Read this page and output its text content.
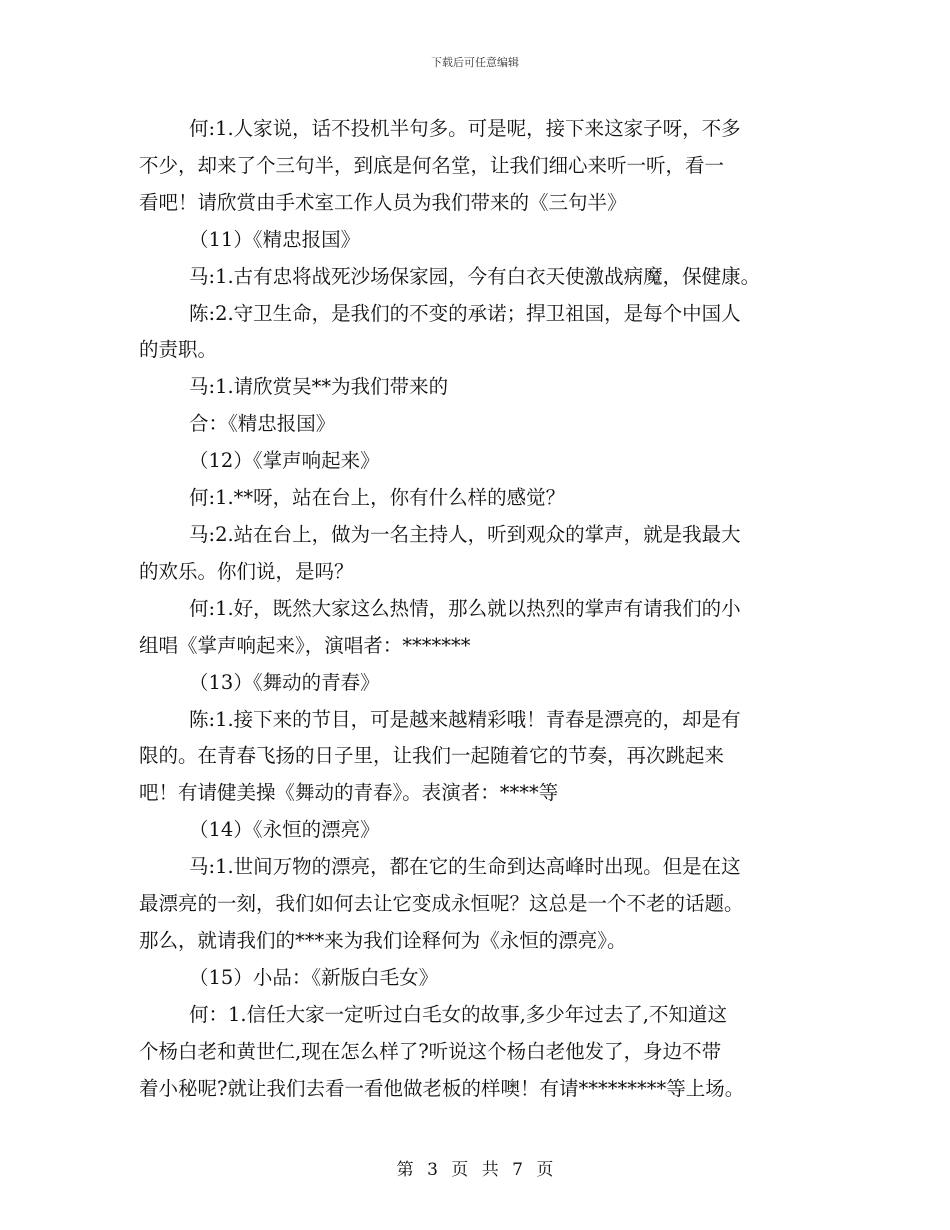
下载后可任意编辑

何:1.人家说，话不投机半句多。可是呢，接下来这家子呀，不多

不少，却来了个三句半，到底是何名堂，让我们细心来听一听，看一

看吧！请欣赏由手术室工作人员为我们带来的《三句半》

（11）《精忠报国》

马:1.古有忠将战死沙场保家园，今有白衣天使激战病魔，保健康。

陈:2.守卫生命，是我们的不变的承诺；捍卫祖国，是每个中国人

的责职。

马:1.请欣赏吴**为我们带来的

合：《精忠报国》

（12）《掌声响起来》

何:1.**呀，站在台上，你有什么样的感觉？

马:2.站在台上，做为一名主持人，听到观众的掌声，就是我最大

的欢乐。你们说，是吗？

何:1.好，既然大家这么热情，那么就以热烈的掌声有请我们的小

组唱《掌声响起来》，演唱者：*******

（13）《舞动的青春》

陈:1.接下来的节目，可是越来越精彩哦！青春是漂亮的，却是有

限的。在青春飞扬的日子里，让我们一起随着它的节奏，再次跳起来

吧！有请健美操《舞动的青春》。表演者：****等

（14）《永恒的漂亮》

马:1.世间万物的漂亮，都在它的生命到达高峰时出现。但是在这

最漂亮的一刻，我们如何去让它变成永恒呢？这总是一个不老的话题。

那么，就请我们的***来为我们诠释何为《永恒的漂亮》。

（15）小品：《新版白毛女》

何：1.信任大家一定听过白毛女的故事,多少年过去了,不知道这

个杨白老和黄世仁,现在怎么样了?听说这个杨白老他发了，身边不带

着小秘呢?就让我们去看一看他做老板的样噢！有请*********等上场。

第 3 页 共 7 页
